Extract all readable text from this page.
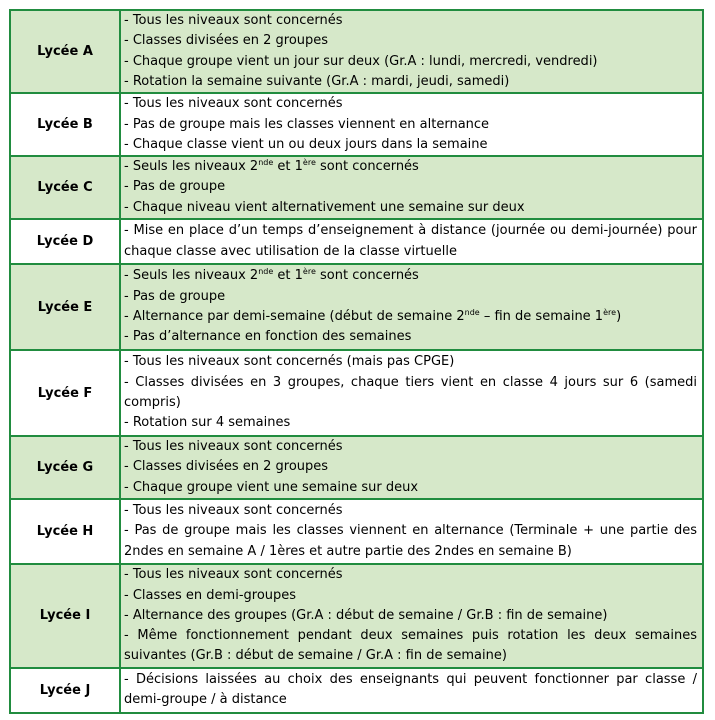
Lycée A	- Tous les niveaux sont concernés
- Classes divisées en 2 groupes
- Chaque groupe vient un jour sur deux (Gr.A : lundi, mercredi, vendredi)
- Rotation la semaine suivante (Gr.A : mardi, jeudi, samedi)

Lycée B	- Tous les niveaux sont concernés
- Pas de groupe mais les classes viennent en alternance
- Chaque classe vient un ou deux jours dans la semaine

Lycée C	- Seuls les niveaux 2nde et 1ère sont concernés
- Pas de groupe
- Chaque niveau vient alternativement une semaine sur deux

Lycée D	- Mise en place d’un temps d’enseignement à distance (journée ou demi-journée) pour chaque classe avec utilisation de la classe virtuelle

Lycée E	- Seuls les niveaux 2nde et 1ère sont concernés
- Pas de groupe
- Alternance par demi-semaine (début de semaine 2nde – fin de semaine 1ère)
- Pas d’alternance en fonction des semaines

Lycée F	- Tous les niveaux sont concernés (mais pas CPGE)
- Classes divisées en 3 groupes, chaque tiers vient en classe 4 jours sur 6 (samedi compris)
- Rotation sur 4 semaines

Lycée G	- Tous les niveaux sont concernés
- Classes divisées en 2 groupes
- Chaque groupe vient une semaine sur deux

Lycée H	- Tous les niveaux sont concernés
- Pas de groupe mais les classes viennent en alternance (Terminale + une partie des 2ndes en semaine A / 1ères et autre partie des 2ndes en semaine B)

Lycée I	- Tous les niveaux sont concernés
- Classes en demi-groupes
- Alternance des groupes (Gr.A : début de semaine / Gr.B : fin de semaine)
- Même fonctionnement pendant deux semaines puis rotation les deux semaines suivantes (Gr.B : début de semaine / Gr.A : fin de semaine)

Lycée J	- Décisions laissées au choix des enseignants qui peuvent fonctionner par classe / demi-groupe / à distance
